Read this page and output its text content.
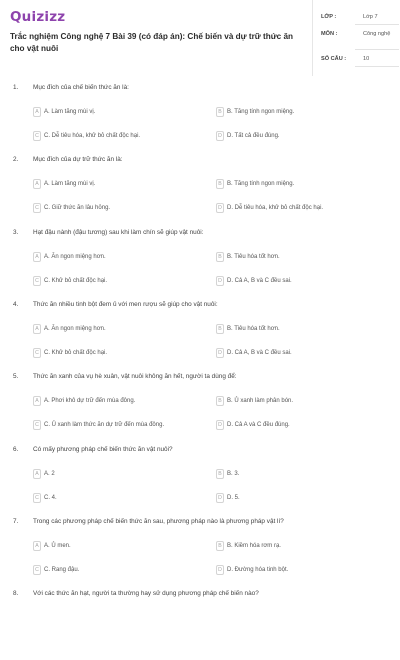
Quizizz
Trắc nghiệm Công nghệ 7 Bài 39 (có đáp án): Chế biến và dự trữ thức ăn cho vật nuôi
LỚP :	Lớp 7
MÔN :	Công nghệ
SỐ CÂU :	10
1. Mục đích của chế biến thức ăn là:
A A. Làm tăng mùi vị.	B B. Tăng tính ngon miệng.
C C. Dễ tiêu hóa, khử bỏ chất độc hại.	D D. Tất cả đều đúng.
2. Mục đích của dự trữ thức ăn là:
A A. Làm tăng mùi vị.	B B. Tăng tính ngon miệng.
C C. Giữ thức ăn lâu hỏng.	D D. Dễ tiêu hóa, khử bỏ chất độc hại.
3. Hạt đậu nành (đậu tương) sau khi làm chín sẽ giúp vật nuôi:
A A. Ăn ngon miệng hơn.	B B. Tiêu hóa tốt hơn.
C C. Khử bỏ chất độc hại.	D D. Cả A, B và C đều sai.
4. Thức ăn nhiều tinh bột đem ủ với men rượu sẽ giúp cho vật nuôi:
A A. Ăn ngon miệng hơn.	B B. Tiêu hóa tốt hơn.
C C. Khử bỏ chất độc hại.	D D. Cả A, B và C đều sai.
5. Thức ăn xanh của vụ hè xuân, vật nuôi không ăn hết, người ta dùng để:
A A. Phơi khô dự trữ đến mùa đông.	B B. Ủ xanh làm phân bón.
C C. Ủ xanh làm thức ăn dự trữ đến mùa đông.	D D. Cả A và C đều đúng.
6. Có mấy phương pháp chế biến thức ăn vật nuôi?
A A. 2	B B. 3.
C C. 4.	D D. 5.
7. Trong các phương pháp chế biến thức ăn sau, phương pháp nào là phương pháp vật lí?
A A. Ủ men.	B B. Kiềm hóa rơm rạ.
C C. Rang đậu.	D D. Đường hóa tinh bột.
8. Với các thức ăn hạt, người ta thường hay sử dụng phương pháp chế biến nào?
